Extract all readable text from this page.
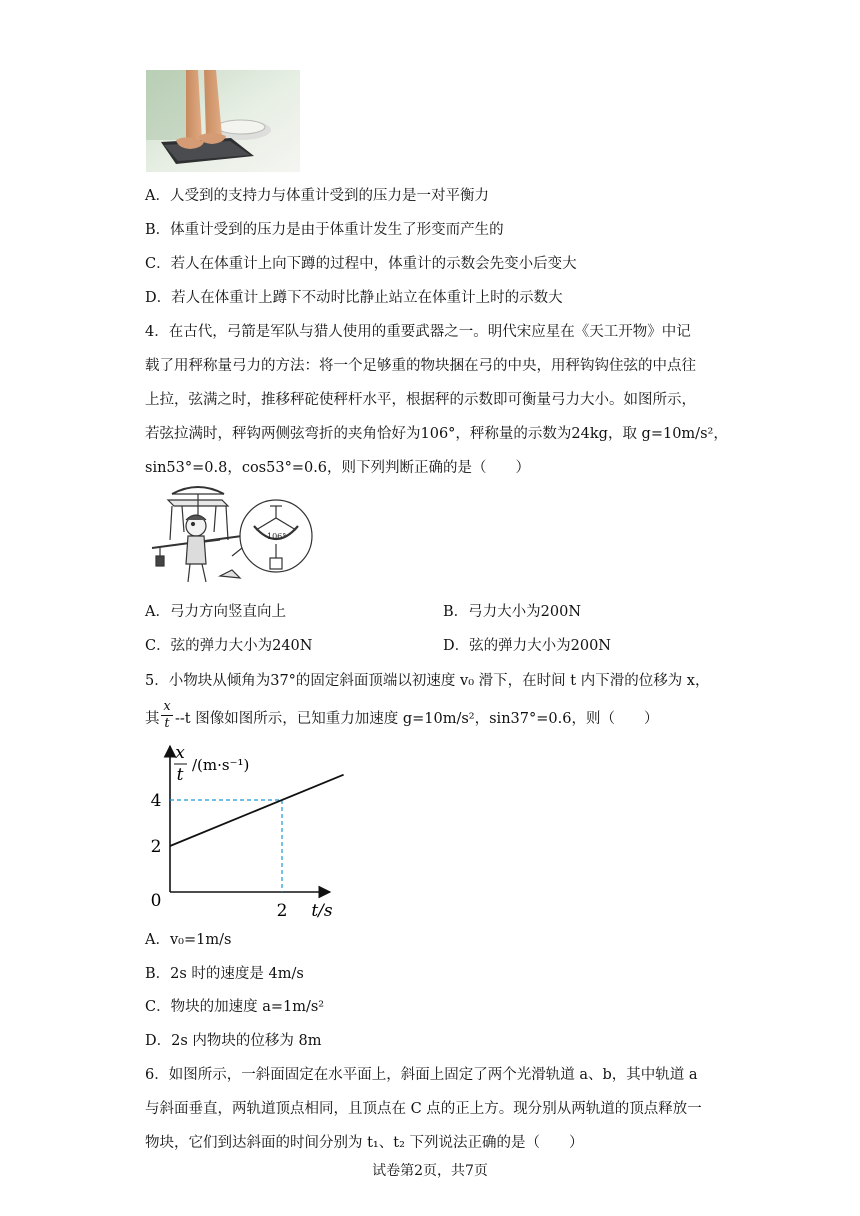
A．人受到的支持力与体重计受到的压力是一对平衡力
B．体重计受到的压力是由于体重计发生了形变而产生的
C．若人在体重计上向下蹲的过程中，体重计的示数会先变小后变大
D．若人在体重计上蹲下不动时比静止站立在体重计上时的示数大
4．在古代，弓箭是军队与猎人使用的重要武器之一。明代宋应星在《天工开物》中记
载了用秤称量弓力的方法：将一个足够重的物块捆在弓的中央，用秤钩钩住弦的中点往
上拉，弦满之时，推移秤砣使秤杆水平，根据秤的示数即可衡量弓力大小。如图所示，
若弦拉满时，秤钩两侧弦弯折的夹角恰好为106°，秤称量的示数为24kg，取 g=10m/s²，
sin53°=0.8，cos53°=0.6，则下列判断正确的是（　　）
106°
A．弓力方向竖直向上	B．弓力大小为200N
C．弦的弹力大小为240N	D．弦的弹力大小为200N
5．小物块从倾角为37°的固定斜面顶端以初速度 v₀ 滑下，在时间 t 内下滑的位移为 x，
其
x
t --t 图像如图所示，已知重力加速度 g=10m/s²，sin37°=0.6，则（　　）
2
4
2
x
t /(m·s⁻¹)
0	t/s
A．v₀=1m/s
B．2s 时的速度是 4m/s
C．物块的加速度 a=1m/s²
D．2s 内物块的位移为 8m
6．如图所示，一斜面固定在水平面上，斜面上固定了两个光滑轨道 a、b，其中轨道 a
与斜面垂直，两轨道顶点相同，且顶点在 C 点的正上方。现分别从两轨道的顶点释放一
物块，它们到达斜面的时间分别为 t₁、t₂ 下列说法正确的是（　　）
试卷第2页，共7页
